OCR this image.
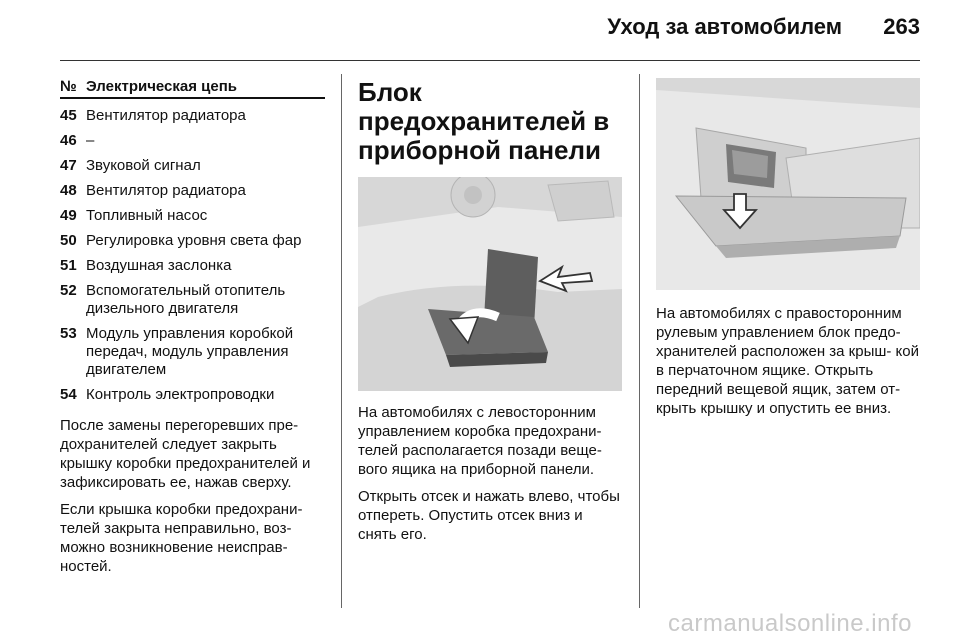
Уход за автомобилем 263
№ Электрическая цепь
45 Вентилятор радиатора
46 –
47 Звуковой сигнал
48 Вентилятор радиатора
49 Топливный насос
50 Регулировка уровня света фар
51 Воздушная заслонка
52 Вспомогательный отопитель дизельного двигателя
53 Модуль управления коробкой передач, модуль управления двигателем
54 Контроль электропроводки

После замены перегоревших пре- дохранителей следует закрыть крышку коробки предохранителей и зафиксировать ее, нажав сверху.

Если крышка коробки предохрани- телей закрыта неправильно, воз- можно возникновение неисправ- ностей.

Блок предохранителей в приборной панели

На автомобилях с левосторонним управлением коробка предохрани- телей располагается позади веще- вого ящика на приборной панели.

Открыть отсек и нажать влево, чтобы отпереть. Опустить отсек вниз и снять его.

На автомобилях с правосторонним рулевым управлением блок предо- хранителей расположен за крыш- кой в перчаточном ящике. Открыть передний вещевой ящик, затем от- крыть крышку и опустить ее вниз.

carmanualsonline.info
